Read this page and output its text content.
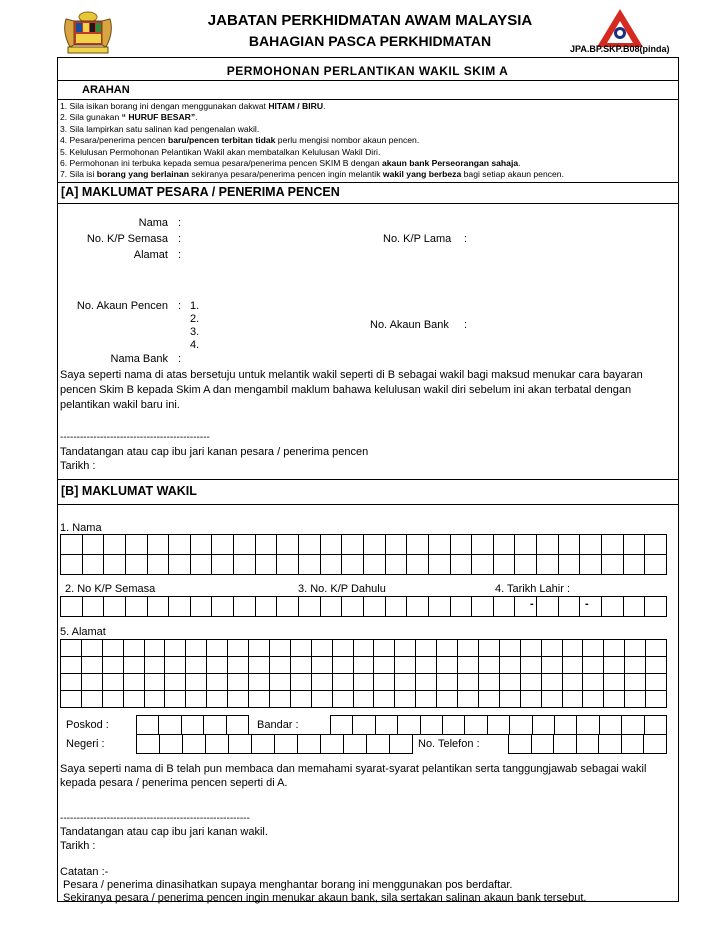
JABATAN PERKHIDMATAN AWAM MALAYSIA
BAHAGIAN PASCA PERKHIDMATAN	JPA.BP.SKP.B08(pinda)
PERMOHONAN PERLANTIKAN WAKIL SKIM A
ARAHAN
1. Sila isikan borang ini dengan menggunakan dakwat HITAM / BIRU.
2. Sila gunakan “ HURUF BESAR”.
3. Sila lampirkan satu salinan kad pengenalan wakil.
4. Pesara/penerima pencen baru/pencen terbitan tidak perlu mengisi nombor akaun pencen.
5. Kelulusan Permohonan Pelantikan Wakil akan membatalkan Kelulusan Wakil Diri.
6. Permohonan ini terbuka kepada semua pesara/penerima pencen SKIM B dengan akaun bank Perseorangan sahaja.
7. Sila isi borang yang berlainan sekiranya pesara/penerima pencen ingin melantik wakil yang berbeza bagi setiap akaun pencen.
[A] MAKLUMAT PESARA / PENERIMA PENCEN
Nama :
No. K/P Semasa :	No. K/P Lama :
Alamat :
No. Akaun Pencen : 1.
2.
3.
4.
No. Akaun Bank :
Nama Bank :
Saya seperti nama di atas bersetuju untuk melantik wakil seperti di B sebagai wakil bagi maksud menukar cara bayaran
pencen Skim B kepada Skim A dan mengambil maklum bahawa kelulusan wakil diri sebelum ini akan terbatal dengan
pelantikan wakil baru ini.
---------------------------------------------
Tandatangan atau cap ibu jari kanan pesara / penerima pencen
Tarikh :
[B] MAKLUMAT WAKIL
1. Nama
2. No K/P Semasa	3. No. K/P Dahulu	4. Tarikh Lahir :
-	-
5. Alamat
Poskod :	Bandar :
Negeri :	No. Telefon :
Saya seperti nama di B telah pun membaca dan memahami syarat-syarat pelantikan serta tanggungjawab sebagai wakil
kepada pesara / penerima pencen seperti di A.
---------------------------------------------------------
Tandatangan atau cap ibu jari kanan wakil.
Tarikh :
Catatan :-
Pesara / penerima dinasihatkan supaya menghantar borang ini menggunakan pos berdaftar.
Sekiranya pesara / penerima pencen ingin menukar akaun bank, sila sertakan salinan akaun bank tersebut.
